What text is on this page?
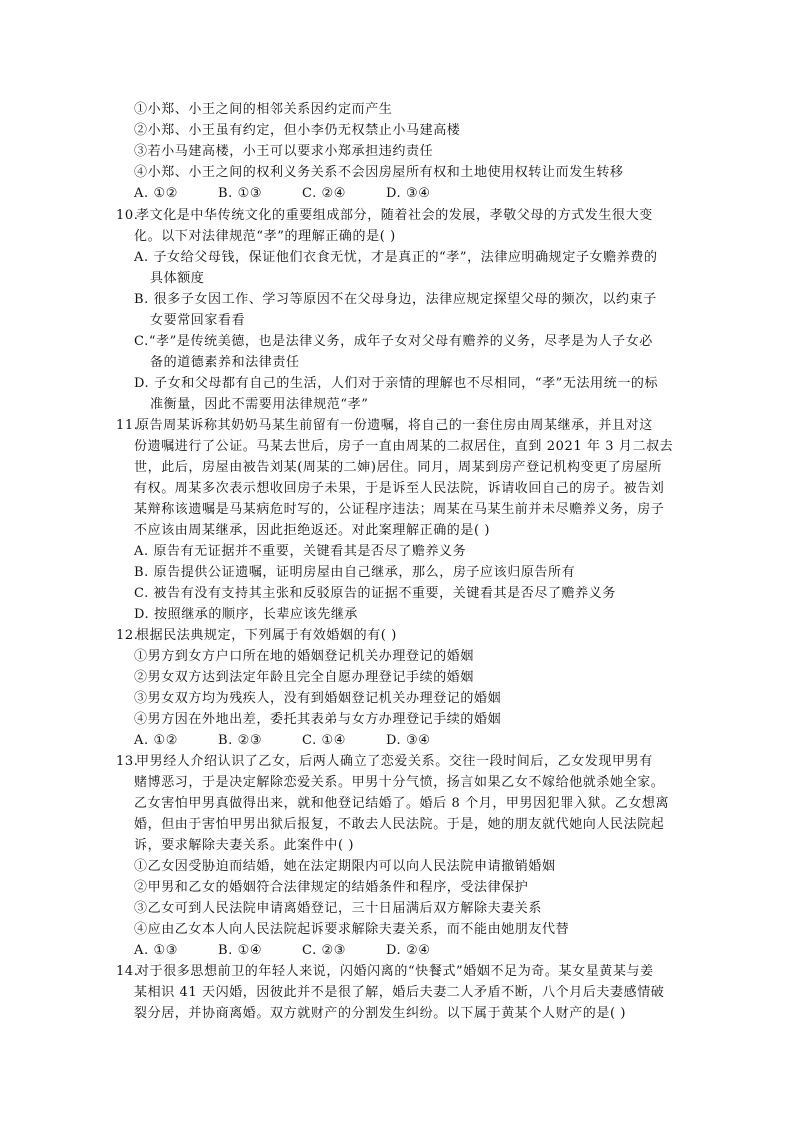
①小郑、小王之间的相邻关系因约定而产生
②小郑、小王虽有约定，但小李仍无权禁止小马建高楼
③若小马建高楼，小王可以要求小郑承担违约责任
④小郑、小王之间的权利义务关系不会因房屋所有权和土地使用权转让而发生转移
A. ①②	B. ①③	C. ②④	D. ③④
10.孝文化是中华传统文化的重要组成部分，随着社会的发展，孝敬父母的方式发生很大变
化。以下对法律规范“孝”的理解正确的是( )
A. 子女给父母钱，保证他们衣食无忧，才是真正的“孝”，法律应明确规定子女赡养费的
具体额度
B. 很多子女因工作、学习等原因不在父母身边，法律应规定探望父母的频次，以约束子
女要常回家看看
C.“孝”是传统美德，也是法律义务，成年子女对父母有赡养的义务，尽孝是为人子女必
备的道德素养和法律责任
D. 子女和父母都有自己的生活，人们对于亲情的理解也不尽相同，“孝”无法用统一的标
准衡量，因此不需要用法律规范“孝”
11.原告周某诉称其奶奶马某生前留有一份遗嘱，将自己的一套住房由周某继承，并且对这
份遗嘱进行了公证。马某去世后，房子一直由周某的二叔居住，直到 2021 年 3 月二叔去
世，此后，房屋由被告刘某(周某的二婶)居住。同月，周某到房产登记机构变更了房屋所
有权。周某多次表示想收回房子未果，于是诉至人民法院，诉请收回自己的房子。被告刘
某辩称该遗嘱是马某病危时写的，公证程序违法；周某在马某生前并未尽赡养义务，房子
不应该由周某继承，因此拒绝返还。对此案理解正确的是( )
A. 原告有无证据并不重要，关键看其是否尽了赡养义务
B. 原告提供公证遗嘱，证明房屋由自己继承，那么，房子应该归原告所有
C. 被告有没有支持其主张和反驳原告的证据不重要，关键看其是否尽了赡养义务
D. 按照继承的顺序，长辈应该先继承
12.根据民法典规定，下列属于有效婚姻的有( )
①男方到女方户口所在地的婚姻登记机关办理登记的婚姻
②男女双方达到法定年龄且完全自愿办理登记手续的婚姻
③男女双方均为残疾人，没有到婚姻登记机关办理登记的婚姻
④男方因在外地出差，委托其表弟与女方办理登记手续的婚姻
A. ①②	B. ②③	C. ①④	D. ③④
13.甲男经人介绍认识了乙女，后两人确立了恋爱关系。交往一段时间后，乙女发现甲男有
赌博恶习，于是决定解除恋爱关系。甲男十分气愤，扬言如果乙女不嫁给他就杀她全家。
乙女害怕甲男真做得出来，就和他登记结婚了。婚后 8 个月，甲男因犯罪入狱。乙女想离
婚，但由于害怕甲男出狱后报复，不敢去人民法院。于是，她的朋友就代她向人民法院起
诉，要求解除夫妻关系。此案件中( )
①乙女因受胁迫而结婚，她在法定期限内可以向人民法院申请撤销婚姻
②甲男和乙女的婚姻符合法律规定的结婚条件和程序，受法律保护
③乙女可到人民法院申请离婚登记，三十日届满后双方解除夫妻关系
④应由乙女本人向人民法院起诉要求解除夫妻关系，而不能由她朋友代替
A. ①③	B. ①④	C. ②③	D. ②④
14.对于很多思想前卫的年轻人来说，闪婚闪离的“快餐式”婚姻不足为奇。某女星黄某与姜
某相识 41 天闪婚，因彼此并不是很了解，婚后夫妻二人矛盾不断，八个月后夫妻感情破
裂分居，并协商离婚。双方就财产的分割发生纠纷。以下属于黄某个人财产的是( )
